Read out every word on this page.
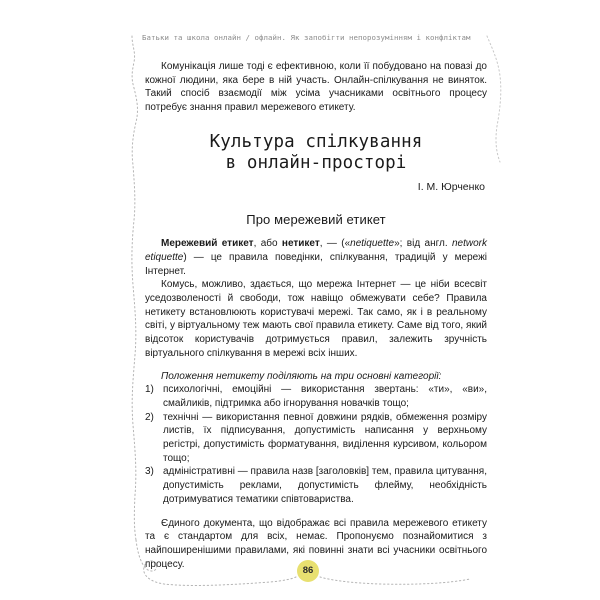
Батьки та школа онлайн / офлайн. Як запобігти непорозумінням і конфліктам

Комунікація лише тоді є ефективною, коли її побудовано на повазі до кожної людини, яка бере в ній участь. Онлайн-спілкування не виняток. Такий спосіб взаємодії між усіма учасниками освітнього процесу потребує знання правил мережевого етикету.

Культура спілкування
в онлайн-просторі
І. М. Юрченко
Про мережевий етикет

Мережевий етикет, або нетикет, — («netiquette»; від англ. network etiquette) — це правила поведінки, спілкування, традицій у мережі Інтернет.

Комусь, можливо, здається, що мережа Інтернет — це ніби всесвіт уседозволеності й свободи, тож навіщо обмежувати себе? Правила нетикету встановлюють користувачі мережі. Так само, як і в реальному світі, у віртуальному теж мають свої правила етикету. Саме від того, який відсоток користувачів дотримується правил, залежить зручність віртуального спілкування в мережі всіх інших.

Положення нетикету поділяють на три основні категорії:

1) психологічні, емоційні — використання звертань: «ти», «ви», смайликів, підтримка або ігнорування новачків тощо;
2) технічні — використання певної довжини рядків, обмеження розміру листів, їх підписування, допустимість написання у верхньому регістрі, допустимість форматування, виділення курсивом, кольором тощо;
3) адміністративні — правила назв [заголовків] тем, правила цитування, допустимість реклами, допустимість флейму, необхідність дотримуватися тематики співтовариства.

Єдиного документа, що відображає всі правила мережевого етикету та є стандартом для всіх, немає. Пропонуємо познайомитися з найпоширенішими правилами, які повинні знати всі учасники освітнього процесу.

86
